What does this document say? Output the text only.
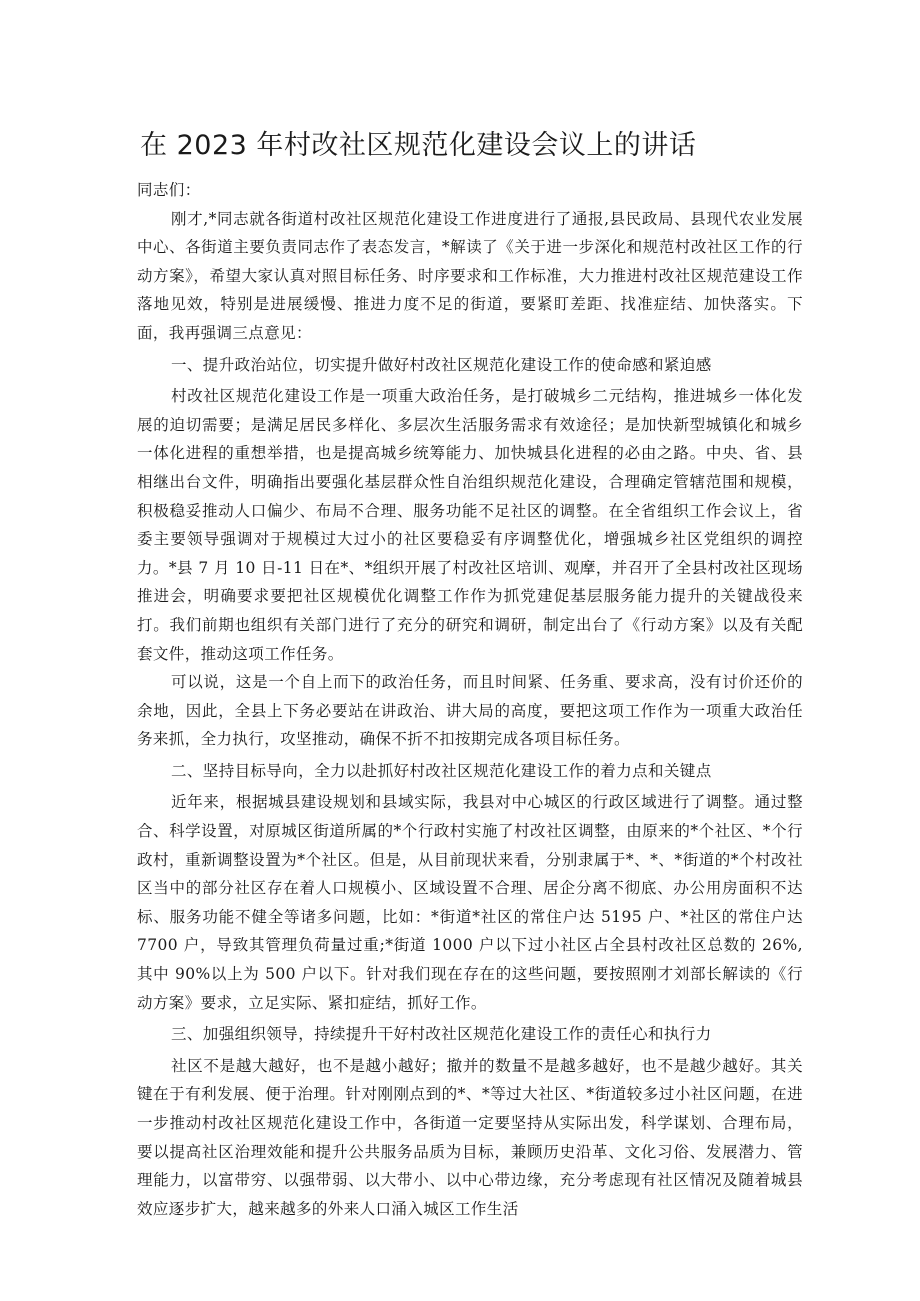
在 2023 年村改社区规范化建设会议上的讲话

同志们：

刚才,*同志就各街道村改社区规范化建设工作进度进行了通报,县民政局、县现代农业发展中心、各街道主要负责同志作了表态发言，*解读了《关于进一步深化和规范村改社区工作的行动方案》，希望大家认真对照目标任务、时序要求和工作标准，大力推进村改社区规范建设工作落地见效，特别是进展缓慢、推进力度不足的街道，要紧盯差距、找准症结、加快落实。下面，我再强调三点意见：

一、提升政治站位，切实提升做好村改社区规范化建设工作的使命感和紧迫感

村改社区规范化建设工作是一项重大政治任务，是打破城乡二元结构，推进城乡一体化发展的迫切需要；是满足居民多样化、多层次生活服务需求有效途径；是加快新型城镇化和城乡一体化进程的重想举措，也是提高城乡统筹能力、加快城县化进程的必由之路。中央、省、县相继出台文件，明确指出要强化基层群众性自治组织规范化建设，合理确定管辖范围和规模，积极稳妥推动人口偏少、布局不合理、服务功能不足社区的调整。在全省组织工作会议上，省委主要领导强调对于规模过大过小的社区要稳妥有序调整优化，增强城乡社区党组织的调控力。*县 7 月 10 日-11 日在*、*组织开展了村改社区培训、观摩，并召开了全县村改社区现场推进会，明确要求要把社区规模优化调整工作作为抓党建促基层服务能力提升的关键战役来打。我们前期也组织有关部门进行了充分的研究和调研，制定出台了《行动方案》以及有关配套文件，推动这项工作任务。

可以说，这是一个自上而下的政治任务，而且时间紧、任务重、要求高，没有讨价还价的余地，因此，全县上下务必要站在讲政治、讲大局的高度，要把这项工作作为一项重大政治任务来抓，全力执行，攻坚推动，确保不折不扣按期完成各项目标任务。

二、坚持目标导向，全力以赴抓好村改社区规范化建设工作的着力点和关键点

近年来，根据城县建设规划和县域实际，我县对中心城区的行政区域进行了调整。通过整合、科学设置，对原城区街道所属的*个行政村实施了村改社区调整，由原来的*个社区、*个行政村，重新调整设置为*个社区。但是，从目前现状来看，分别隶属于*、*、*街道的*个村改社区当中的部分社区存在着人口规模小、区域设置不合理、居企分离不彻底、办公用房面积不达标、服务功能不健全等诸多问题，比如：*街道*社区的常住户达 5195 户、*社区的常住户达 7700 户，导致其管理负荷量过重;*街道 1000 户以下过小社区占全县村改社区总数的 26%,其中 90%以上为 500 户以下。针对我们现在存在的这些问题，要按照刚才刘部长解读的《行动方案》要求，立足实际、紧扣症结，抓好工作。

三、加强组织领导，持续提升干好村改社区规范化建设工作的责任心和执行力

社区不是越大越好，也不是越小越好；撤并的数量不是越多越好，也不是越少越好。其关键在于有利发展、便于治理。针对刚刚点到的*、*等过大社区、*街道较多过小社区问题，在进一步推动村改社区规范化建设工作中，各街道一定要坚持从实际出发，科学谋划、合理布局，要以提高社区治理效能和提升公共服务品质为目标，兼顾历史沿革、文化习俗、发展潜力、管理能力，以富带穷、以强带弱、以大带小、以中心带边缘，充分考虑现有社区情况及随着城县效应逐步扩大，越来越多的外来人口涌入城区工作生活
